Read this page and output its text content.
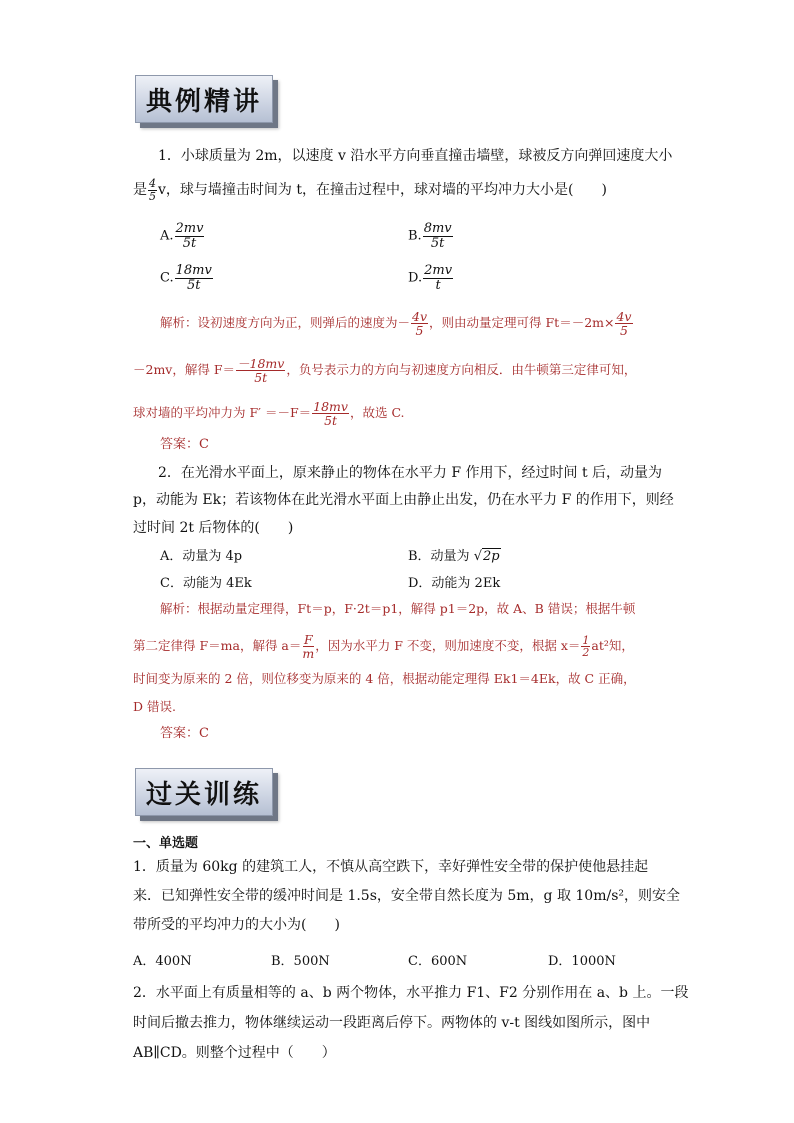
典例精讲
1．小球质量为 2m，以速度 v 沿水平方向垂直撞击墙壁，球被反方向弹回速度大小
是 $\frac{4}{5}$ v，球与墙撞击时间为 t，在撞击过程中，球对墙的平均冲力大小是(　　)
A. $\frac{2mv}{5t}$	B. $\frac{8mv}{5t}$
C. $\frac{18mv}{5t}$	D. $\frac{2mv}{t}$
解析：设初速度方向为正，则弹后的速度为－ $\frac{4v}{5}$ ，则由动量定理可得 $Ft=-2m\times \frac{4v}{5}$
－2mv，解得 $F= \frac{-18mv}{5t}$ ，负号表示力的方向与初速度方向相反．由牛顿第三定律可知，
球对墙的平均冲力为 $F' =-F= \frac{18mv}{5t}$ ，故选 C.
答案：C
2．在光滑水平面上，原来静止的物体在水平力 F 作用下，经过时间 t 后，动量为
p，动能为 Ek；若该物体在此光滑水平面上由静止出发，仍在水平力 F 的作用下，则经
过时间 2t 后物体的(　　)
A．动量为 4p	B．动量为 √2p
C．动能为 4Ek	D．动能为 2Ek
解析：根据动量定理得，Ft＝p，F·2t＝p1，解得 p1＝2p，故 A、B 错误；根据牛顿
第二定律得 F＝ma，解得 $a= \frac{F}{m}$ ，因为水平力 F 不变，则加速度不变，根据 $x= \frac{1}{2} at^2$知，
时间变为原来的 2 倍，则位移变为原来的 4 倍，根据动能定理得 Ek1＝4Ek，故 C 正确，
D 错误.
答案：C
过关训练
一、单选题
1．质量为 60kg 的建筑工人，不慎从高空跌下，幸好弹性安全带的保护使他悬挂起
来．已知弹性安全带的缓冲时间是 1.5s，安全带自然长度为 5m，g 取 10m/s²，则安全
带所受的平均冲力的大小为(　　)
A．400N	B．500N	C．600N	D．1000N
2．水平面上有质量相等的 a、b 两个物体，水平推力 F1、F2 分别作用在 a、b 上。一段
时间后撤去推力，物体继续运动一段距离后停下。两物体的 v-t 图线如图所示，图中
AB∥CD。则整个过程中（　　）
